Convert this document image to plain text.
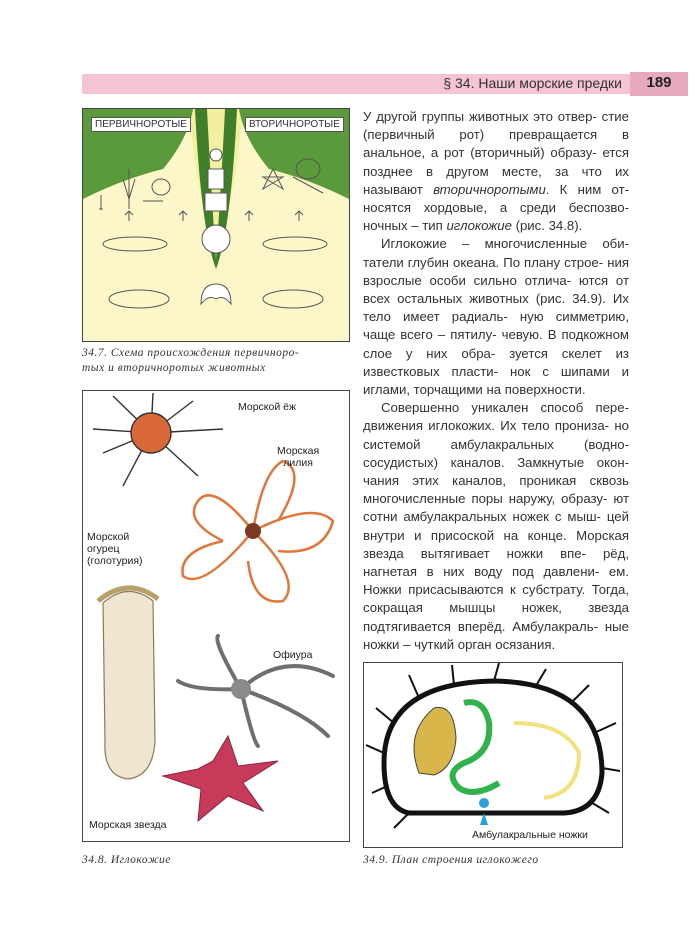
§ 34. Наши морские предки	189
ПЕРВИЧНОРОТЫЕ	ВТОРИЧНОРОТЫЕ
34.7. Схема происхождения первичноро-
тых и вторичноротых животных
Морской ёж
Морская
лилия
Морской
огурец
(голотурия)
Офиура
Морская звезда
34.8. Иглокожие
Амбулакральные ножки
34.9. План строения иглокожего

У другой группы животных это отвер- стие (первичный рот) превращается в анальное, а рот (вторичный) образу- ется позднее в другом месте, за что их называют вторичноротыми. К ним от- носятся хордовые, а среди беспозво- ночных – тип иглокожие (рис. 34.8).

Иглокожие – многочисленные оби- татели глубин океана. По плану строе- ния взрослые особи сильно отлича- ются от всех остальных животных (рис. 34.9). Их тело имеет радиаль- ную симметрию, чаще всего – пятилу- чевую. В подкожном слое у них обра- зуется скелет из известковых пласти- нок с шипами и иглами, торчащими на поверхности.

Совершенно уникален способ пере- движения иглокожих. Их тело пронизa- но системой амбулакральных (водно- сосудистых) каналов. Замкнутые окон- чания этих каналов, проникая сквозь многочисленные поры наружу, образу- ют сотни амбулакральных ножек с мыш- цей внутри и присоской на конце. Морская звезда вытягивает ножки впе- рёд, нагнетая в них воду под давлени- ем. Ножки присасываются к субстрату. Тогда, сокращая мышцы ножек, звезда подтягивается вперёд. Амбулакраль- ные ножки – чуткий орган осязания.
